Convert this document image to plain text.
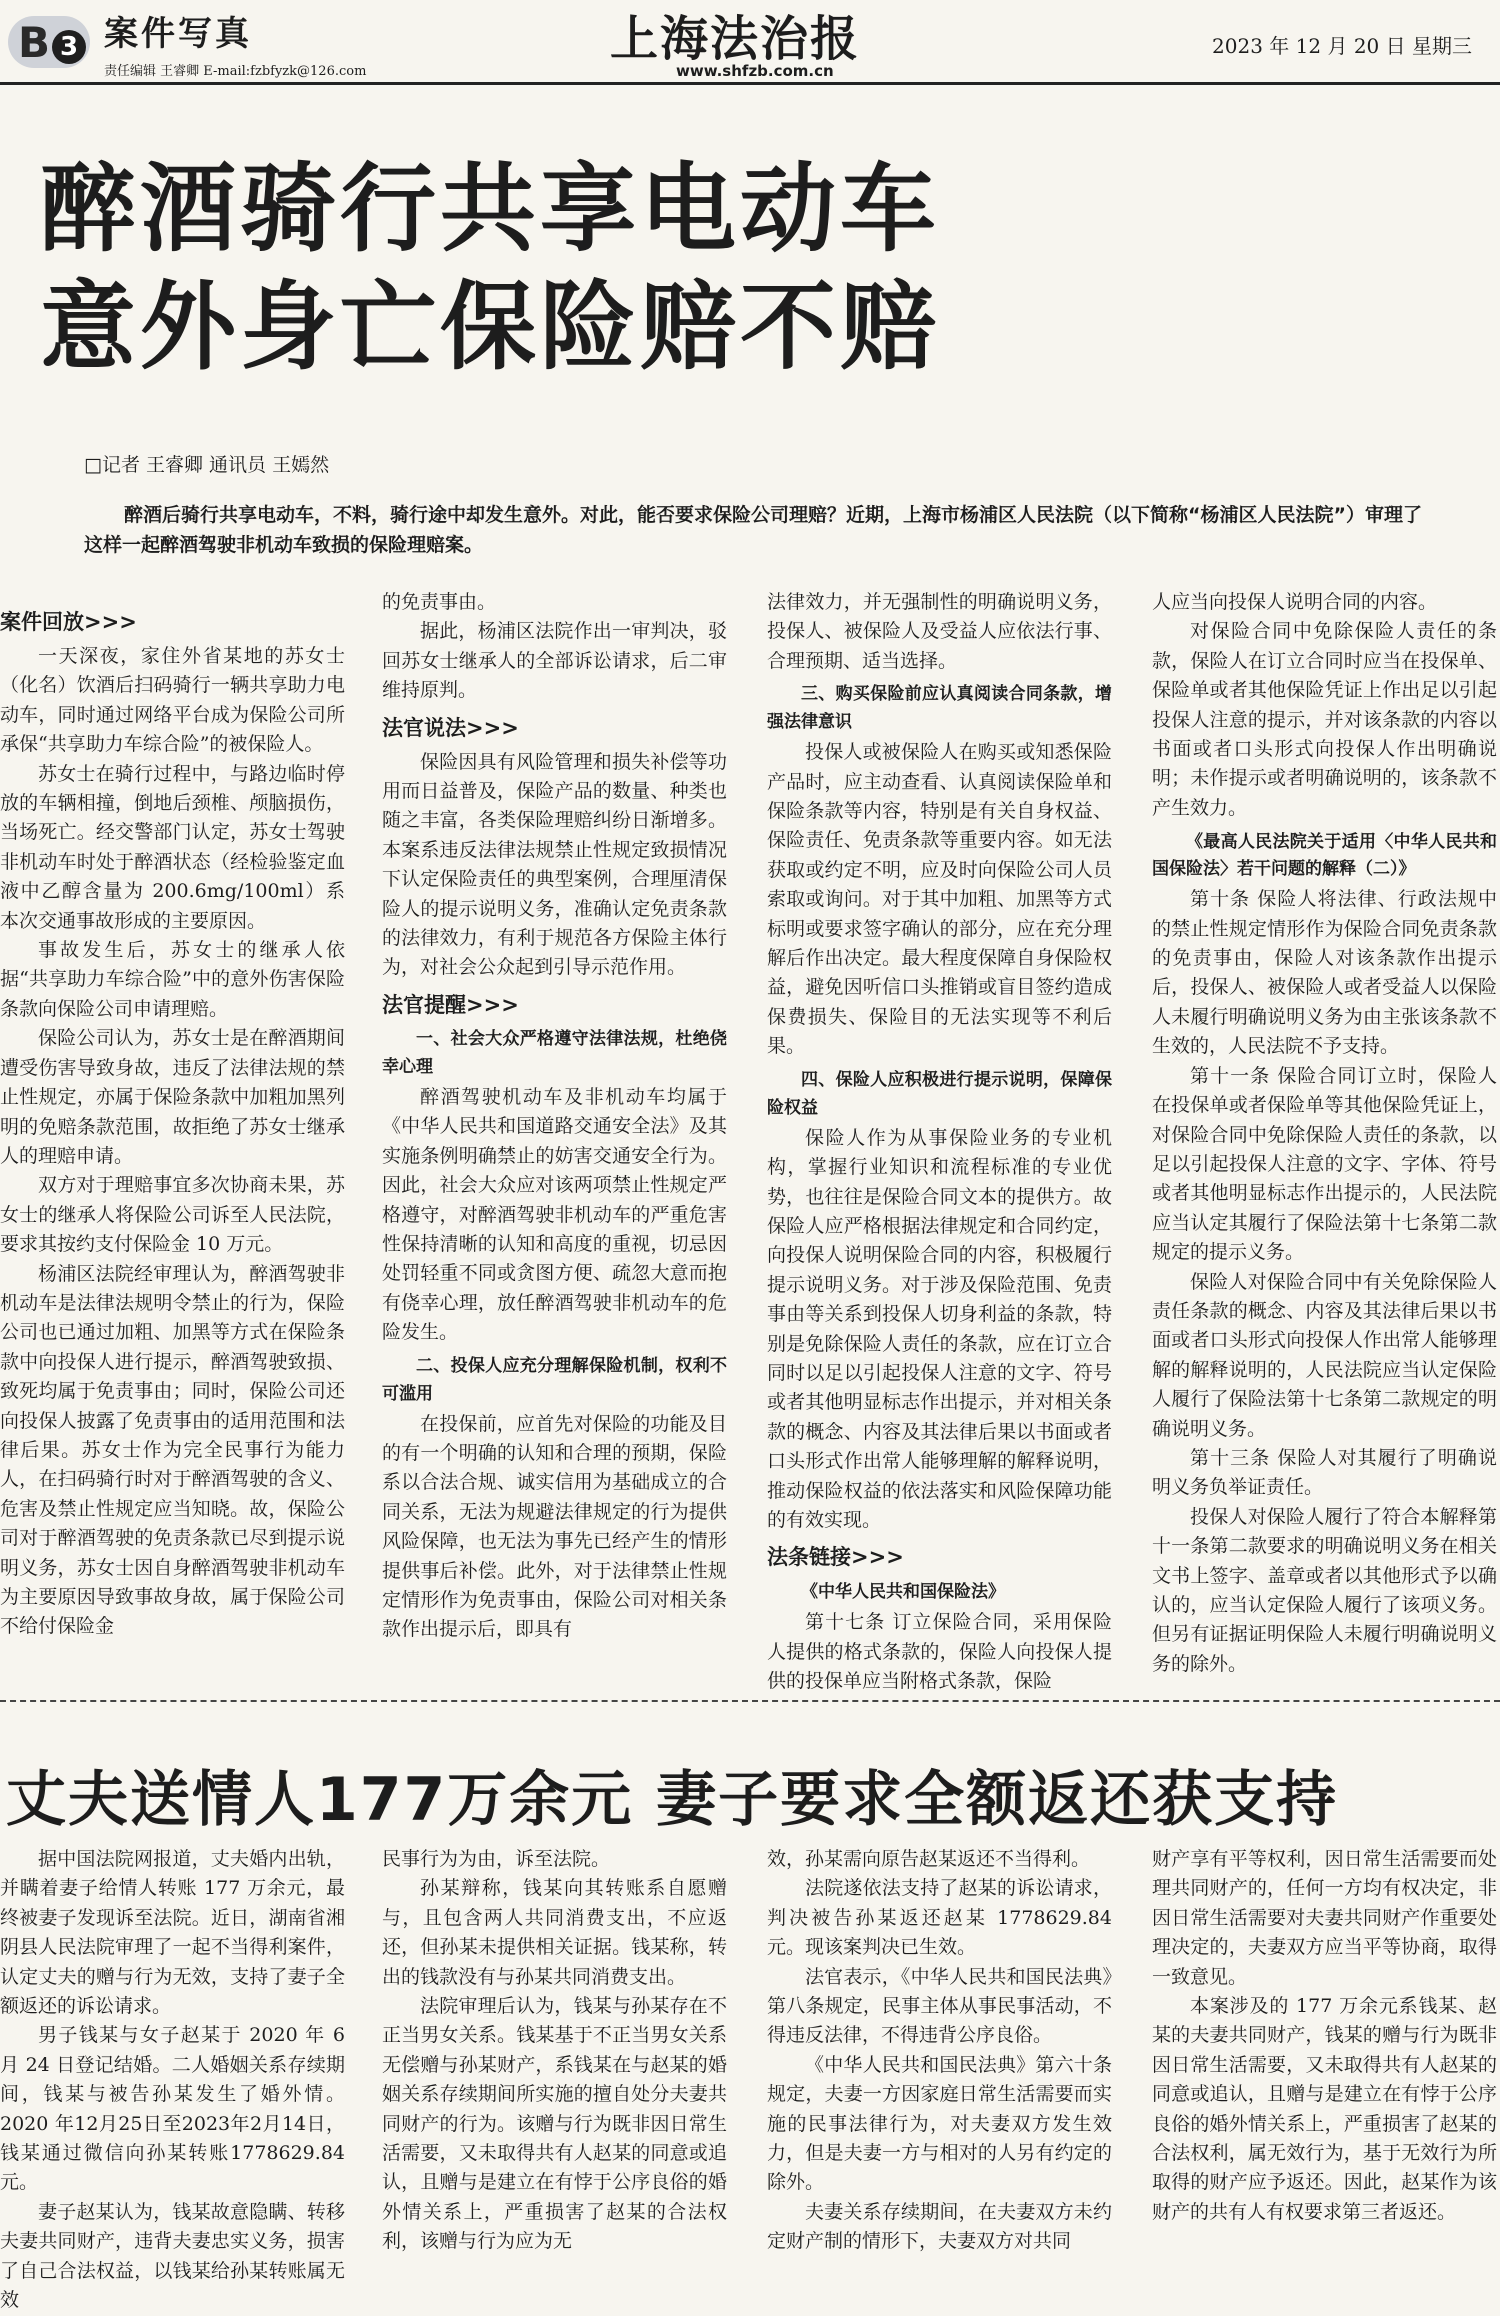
B 3 案件写真
责任编辑 王睿卿 E-mail:fzbfyzk@126.com
上海法治报
www.shfzb.com.cn
2023 年 12 月 20 日 星期三
醉酒骑行共享电动车
意外身亡保险赔不赔
□记者 王睿卿 通讯员 王嫣然
醉酒后骑行共享电动车，不料，骑行途中却发生意外。对此，能否要求保险公司理赔？近期，上海市杨浦区人民法院（以下简称“杨浦区人民法院”）审理了这样一起醉酒驾驶非机动车致损的保险理赔案。
案件回放>>>

一天深夜，家住外省某地的苏女士（化名）饮酒后扫码骑行一辆共享助力电动车，同时通过网络平台成为保险公司所承保“共享助力车综合险”的被保险人。

苏女士在骑行过程中，与路边临时停放的车辆相撞，倒地后颈椎、颅脑损伤，当场死亡。经交警部门认定，苏女士驾驶非机动车时处于醉酒状态（经检验鉴定血液中乙醇含量为 200.6mg/100ml）系本次交通事故形成的主要原因。

事故发生后，苏女士的继承人依据“共享助力车综合险”中的意外伤害保险条款向保险公司申请理赔。

保险公司认为，苏女士是在醉酒期间遭受伤害导致身故，违反了法律法规的禁止性规定，亦属于保险条款中加粗加黑列明的免赔条款范围，故拒绝了苏女士继承人的理赔申请。

双方对于理赔事宜多次协商未果，苏女士的继承人将保险公司诉至人民法院，要求其按约支付保险金 10 万元。

杨浦区法院经审理认为，醉酒驾驶非机动车是法律法规明令禁止的行为，保险公司也已通过加粗、加黑等方式在保险条款中向投保人进行提示，醉酒驾驶致损、致死均属于免责事由；同时，保险公司还向投保人披露了免责事由的适用范围和法律后果。苏女士作为完全民事行为能力人，在扫码骑行时对于醉酒驾驶的含义、危害及禁止性规定应当知晓。故，保险公司对于醉酒驾驶的免责条款已尽到提示说明义务，苏女士因自身醉酒驾驶非机动车为主要原因导致事故身故，属于保险公司不给付保险金

的免责事由。

据此，杨浦区法院作出一审判决，驳回苏女士继承人的全部诉讼请求，后二审维持原判。

法官说法>>>

保险因具有风险管理和损失补偿等功用而日益普及，保险产品的数量、种类也随之丰富，各类保险理赔纠纷日渐增多。本案系违反法律法规禁止性规定致损情况下认定保险责任的典型案例，合理厘清保险人的提示说明义务，准确认定免责条款的法律效力，有利于规范各方保险主体行为，对社会公众起到引导示范作用。

法官提醒>>>
一、社会大众严格遵守法律法规，杜绝侥幸心理

醉酒驾驶机动车及非机动车均属于《中华人民共和国道路交通安全法》及其实施条例明确禁止的妨害交通安全行为。因此，社会大众应对该两项禁止性规定严格遵守，对醉酒驾驶非机动车的严重危害性保持清晰的认知和高度的重视，切忌因处罚轻重不同或贪图方便、疏忽大意而抱有侥幸心理，放任醉酒驾驶非机动车的危险发生。

二、投保人应充分理解保险机制，权利不可滥用

在投保前，应首先对保险的功能及目的有一个明确的认知和合理的预期，保险系以合法合规、诚实信用为基础成立的合同关系，无法为规避法律规定的行为提供风险保障，也无法为事先已经产生的情形提供事后补偿。此外，对于法律禁止性规定情形作为免责事由，保险公司对相关条款作出提示后，即具有

法律效力，并无强制性的明确说明义务，投保人、被保险人及受益人应依法行事、合理预期、适当选择。

三、购买保险前应认真阅读合同条款，增强法律意识

投保人或被保险人在购买或知悉保险产品时，应主动查看、认真阅读保险单和保险条款等内容，特别是有关自身权益、保险责任、免责条款等重要内容。如无法获取或约定不明，应及时向保险公司人员索取或询问。对于其中加粗、加黑等方式标明或要求签字确认的部分，应在充分理解后作出决定。最大程度保障自身保险权益，避免因听信口头推销或盲目签约造成保费损失、保险目的无法实现等不利后果。

四、保险人应积极进行提示说明，保障保险权益

保险人作为从事保险业务的专业机构，掌握行业知识和流程标准的专业优势，也往往是保险合同文本的提供方。故保险人应严格根据法律规定和合同约定，向投保人说明保险合同的内容，积极履行提示说明义务。对于涉及保险范围、免责事由等关系到投保人切身利益的条款，特别是免除保险人责任的条款，应在订立合同时以足以引起投保人注意的文字、符号或者其他明显标志作出提示，并对相关条款的概念、内容及其法律后果以书面或者口头形式作出常人能够理解的解释说明，推动保险权益的依法落实和风险保障功能的有效实现。

法条链接>>>
《中华人民共和国保险法》

第十七条 订立保险合同，采用保险人提供的格式条款的，保险人向投保人提供的投保单应当附格式条款，保险

人应当向投保人说明合同的内容。

对保险合同中免除保险人责任的条款，保险人在订立合同时应当在投保单、保险单或者其他保险凭证上作出足以引起投保人注意的提示，并对该条款的内容以书面或者口头形式向投保人作出明确说明；未作提示或者明确说明的，该条款不产生效力。

《最高人民法院关于适用〈中华人民共和国保险法〉若干问题的解释（二）》

第十条 保险人将法律、行政法规中的禁止性规定情形作为保险合同免责条款的免责事由，保险人对该条款作出提示后，投保人、被保险人或者受益人以保险人未履行明确说明义务为由主张该条款不生效的，人民法院不予支持。

第十一条 保险合同订立时，保险人在投保单或者保险单等其他保险凭证上，对保险合同中免除保险人责任的条款，以足以引起投保人注意的文字、字体、符号或者其他明显标志作出提示的，人民法院应当认定其履行了保险法第十七条第二款规定的提示义务。

保险人对保险合同中有关免除保险人责任条款的概念、内容及其法律后果以书面或者口头形式向投保人作出常人能够理解的解释说明的，人民法院应当认定保险人履行了保险法第十七条第二款规定的明确说明义务。

第十三条 保险人对其履行了明确说明义务负举证责任。

投保人对保险人履行了符合本解释第十一条第二款要求的明确说明义务在相关文书上签字、盖章或者以其他形式予以确认的，应当认定保险人履行了该项义务。但另有证据证明保险人未履行明确说明义务的除外。

丈夫送情人177万余元 妻子要求全额返还获支持

据中国法院网报道，丈夫婚内出轨，并瞒着妻子给情人转账 177 万余元，最终被妻子发现诉至法院。近日，湖南省湘阴县人民法院审理了一起不当得利案件，认定丈夫的赠与行为无效，支持了妻子全额返还的诉讼请求。

男子钱某与女子赵某于 2020 年 6 月 24 日登记结婚。二人婚姻关系存续期间，钱某与被告孙某发生了婚外情。2020 年12月25日至2023年2月14日，钱某通过微信向孙某转账1778629.84 元。

妻子赵某认为，钱某故意隐瞒、转移夫妻共同财产，违背夫妻忠实义务，损害了自己合法权益，以钱某给孙某转账属无效

民事行为为由，诉至法院。

孙某辩称，钱某向其转账系自愿赠与，且包含两人共同消费支出，不应返还，但孙某未提供相关证据。钱某称，转出的钱款没有与孙某共同消费支出。

法院审理后认为，钱某与孙某存在不正当男女关系。钱某基于不正当男女关系无偿赠与孙某财产，系钱某在与赵某的婚姻关系存续期间所实施的擅自处分夫妻共同财产的行为。该赠与行为既非因日常生活需要，又未取得共有人赵某的同意或追认，且赠与是建立在有悖于公序良俗的婚外情关系上，严重损害了赵某的合法权利，该赠与行为应为无

效，孙某需向原告赵某返还不当得利。

法院遂依法支持了赵某的诉讼请求，判决被告孙某返还赵某 1778629.84 元。现该案判决已生效。

法官表示，《中华人民共和国民法典》第八条规定，民事主体从事民事活动，不得违反法律，不得违背公序良俗。

《中华人民共和国民法典》第六十条规定，夫妻一方因家庭日常生活需要而实施的民事法律行为，对夫妻双方发生效力，但是夫妻一方与相对的人另有约定的除外。

夫妻关系存续期间，在夫妻双方未约定财产制的情形下，夫妻双方对共同

财产享有平等权利，因日常生活需要而处理共同财产的，任何一方均有权决定，非因日常生活需要对夫妻共同财产作重要处理决定的，夫妻双方应当平等协商，取得一致意见。

本案涉及的 177 万余元系钱某、赵某的夫妻共同财产，钱某的赠与行为既非因日常生活需要，又未取得共有人赵某的同意或追认，且赠与是建立在有悖于公序良俗的婚外情关系上，严重损害了赵某的合法权利，属无效行为，基于无效行为所取得的财产应予返还。因此，赵某作为该财产的共有人有权要求第三者返还。
